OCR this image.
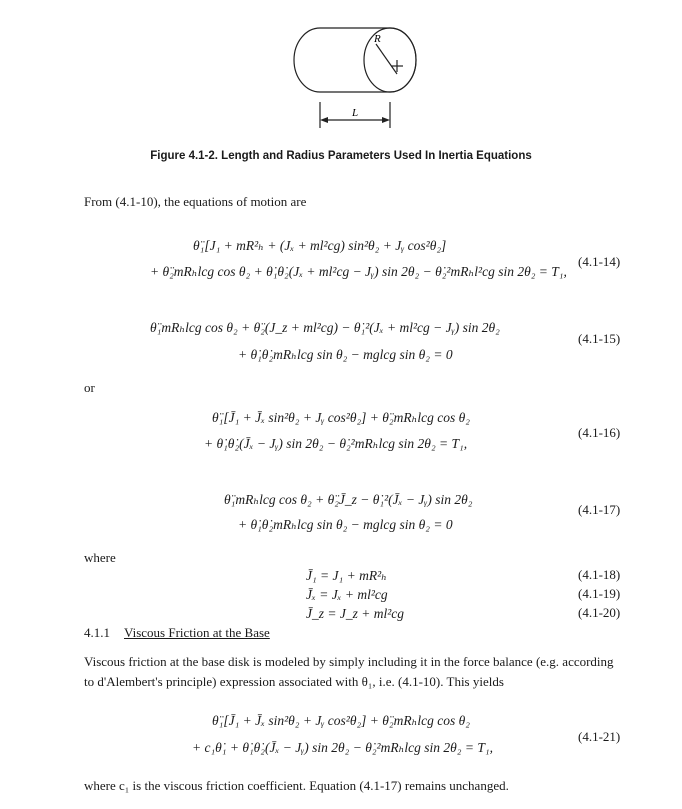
R
L
Figure 4.1-2. Length and Radius Parameters Used In Inertia Equations
From (4.1-10), the equations of motion are
θ̈₁[J₁ + mR²ₕ + (Jₓ + ml²cg) sin²θ₂ + Jᵧ cos²θ₂]
+ θ̈₂mRₕlcg cos θ₂ + θ̇₁θ̇₂(Jₓ + ml²cg − Jᵧ) sin 2θ₂ − θ̇₂²mRₕl²cg sin 2θ₂ = T₁,
(4.1-14)
θ̈₁mRₕlcg cos θ₂ + θ̈₂(J_z + ml²cg) − θ̇₁²(Jₓ + ml²cg − Jᵧ) sin 2θ₂
+ θ̇₁θ̇₂mRₕlcg sin θ₂ − mglcg sin θ₂ = 0
(4.1-15)
or
θ̈₁[J̄₁ + J̄ₓ sin²θ₂ + Jᵧ cos²θ₂] + θ̈₂mRₕlcg cos θ₂
+ θ̇₁θ̇₂(J̄ₓ − Jᵧ) sin 2θ₂ − θ̇₂²mRₕlcg sin 2θ₂ = T₁,
(4.1-16)
θ̈₁mRₕlcg cos θ₂ + θ̈₂J̄_z − θ̇₁²(J̄ₓ − Jᵧ) sin 2θ₂
+ θ̇₁θ̇₂mRₕlcg sin θ₂ − mglcg sin θ₂ = 0
(4.1-17)
where
J̄₁ = J₁ + mR²ₕ	(4.1-18)
J̄ₓ = Jₓ + ml²cg	(4.1-19)
J̄_z = J_z + ml²cg	(4.1-20)
4.1.1 Viscous Friction at the Base
Viscous friction at the base disk is modeled by simply including it in the force balance (e.g. according
to d'Alembert's principle) expression associated with θ₁, i.e. (4.1-10). This yields
θ̈₁[J̄₁ + J̄ₓ sin²θ₂ + Jᵧ cos²θ₂] + θ̈₂mRₕlcg cos θ₂
+ c₁θ̇₁ + θ̇₁θ̇₂(J̄ₓ − Jᵧ) sin 2θ₂ − θ̇₂²mRₕlcg sin 2θ₂ = T₁,
(4.1-21)
where c₁ is the viscous friction coefficient. Equation (4.1-17) remains unchanged.
